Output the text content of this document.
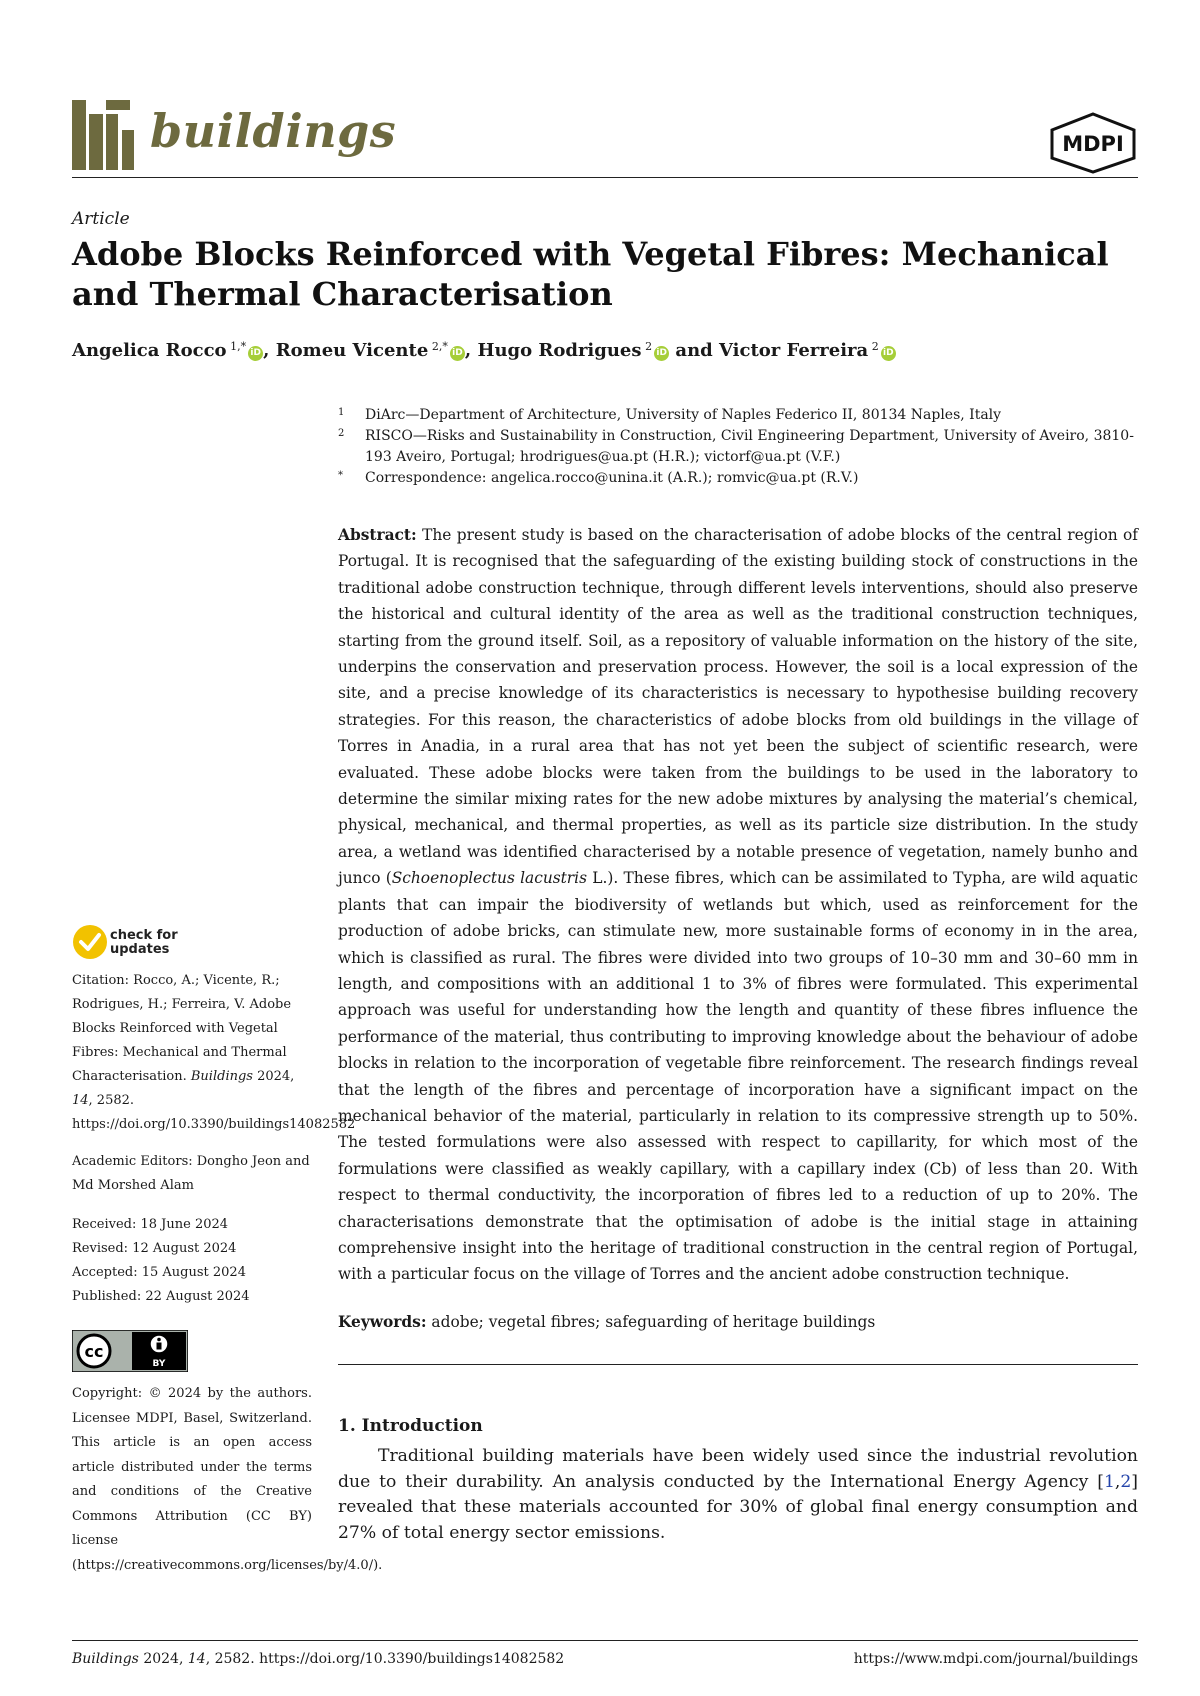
buildings	MDPI
Article
Adobe Blocks Reinforced with Vegetal Fibres: Mechanical and Thermal Characterisation
Angelica Rocco  $^{1,*}$ iD , Romeu Vicente  $^{2,*}$ iD , Hugo Rodrigues  $^2$ iD and Victor Ferreira  $^2$ iD
1 DiArc—Department of Architecture, University of Naples Federico II, 80134 Naples, Italy
2 RISCO—Risks and Sustainability in Construction, Civil Engineering Department, University of Aveiro, 3810-193 Aveiro, Portugal; hrodrigues@ua.pt (H.R.); victorf@ua.pt (V.F.)
* Correspondence: angelica.rocco@unina.it (A.R.); romvic@ua.pt (R.V.)
Abstract: The present study is based on the characterisation of adobe blocks of the central region of Portugal. It is recognised that the safeguarding of the existing building stock of constructions in the traditional adobe construction technique, through different levels interventions, should also preserve the historical and cultural identity of the area as well as the traditional construction techniques, starting from the ground itself. Soil, as a repository of valuable information on the history of the site, underpins the conservation and preservation process. However, the soil is a local expression of the site, and a precise knowledge of its characteristics is necessary to hypothesise building recovery strategies. For this reason, the characteristics of adobe blocks from old buildings in the village of Torres in Anadia, in a rural area that has not yet been the subject of scientific research, were evaluated. These adobe blocks were taken from the buildings to be used in the laboratory to determine the similar mixing rates for the new adobe mixtures by analysing the material’s chemical, physical, mechanical, and thermal properties, as well as its particle size distribution. In the study area, a wetland was identified characterised by a notable presence of vegetation, namely bunho and junco (Schoenoplectus lacustris L.). These fibres, which can be assimilated to Typha, are wild aquatic plants that can impair the biodiversity of wetlands but which, used as reinforcement for the production of adobe bricks, can stimulate new, more sustainable forms of economy in in the area, which is classified as rural. The fibres were divided into two groups of 10–30 mm and 30–60 mm in length, and compositions with an additional 1 to 3% of fibres were formulated. This experimental approach was useful for understanding how the length and quantity of these fibres influence the performance of the material, thus contributing to improving knowledge about the behaviour of adobe blocks in relation to the incorporation of vegetable fibre reinforcement. The research findings reveal that the length of the fibres and percentage of incorporation have a significant impact on the mechanical behavior of the material, particularly in relation to its compressive strength up to 50%. The tested formulations were also assessed with respect to capillarity, for which most of the formulations were classified as weakly capillary, with a capillary index (Cb) of less than 20. With respect to thermal conductivity, the incorporation of fibres led to a reduction of up to 20%. The characterisations demonstrate that the optimisation of adobe is the initial stage in attaining comprehensive insight into the heritage of traditional construction in the central region of Portugal, with a particular focus on the village of Torres and the ancient adobe construction technique.
Keywords: adobe; vegetal fibres; safeguarding of heritage buildings
1. Introduction
Traditional building materials have been widely used since the industrial revolution due to their durability. An analysis conducted by the International Energy Agency [1,2] revealed that these materials accounted for 30% of global final energy consumption and 27% of total energy sector emissions.
check for
updates
Citation: Rocco, A.; Vicente, R.; Rodrigues, H.; Ferreira, V. Adobe Blocks Reinforced with Vegetal Fibres: Mechanical and Thermal Characterisation. Buildings 2024, 14, 2582. https://doi.org/10.3390/buildings14082582
Academic Editors: Dongho Jeon and Md Morshed Alam
Received: 18 June 2024
Revised: 12 August 2024
Accepted: 15 August 2024
Published: 22 August 2024
cc
BY
Copyright: © 2024 by the authors. Licensee MDPI, Basel, Switzerland. This article is an open access article distributed under the terms and conditions of the Creative Commons Attribution (CC BY) license (https://creativecommons.org/licenses/by/4.0/).
Buildings 2024, 14, 2582. https://doi.org/10.3390/buildings14082582	https://www.mdpi.com/journal/buildings
